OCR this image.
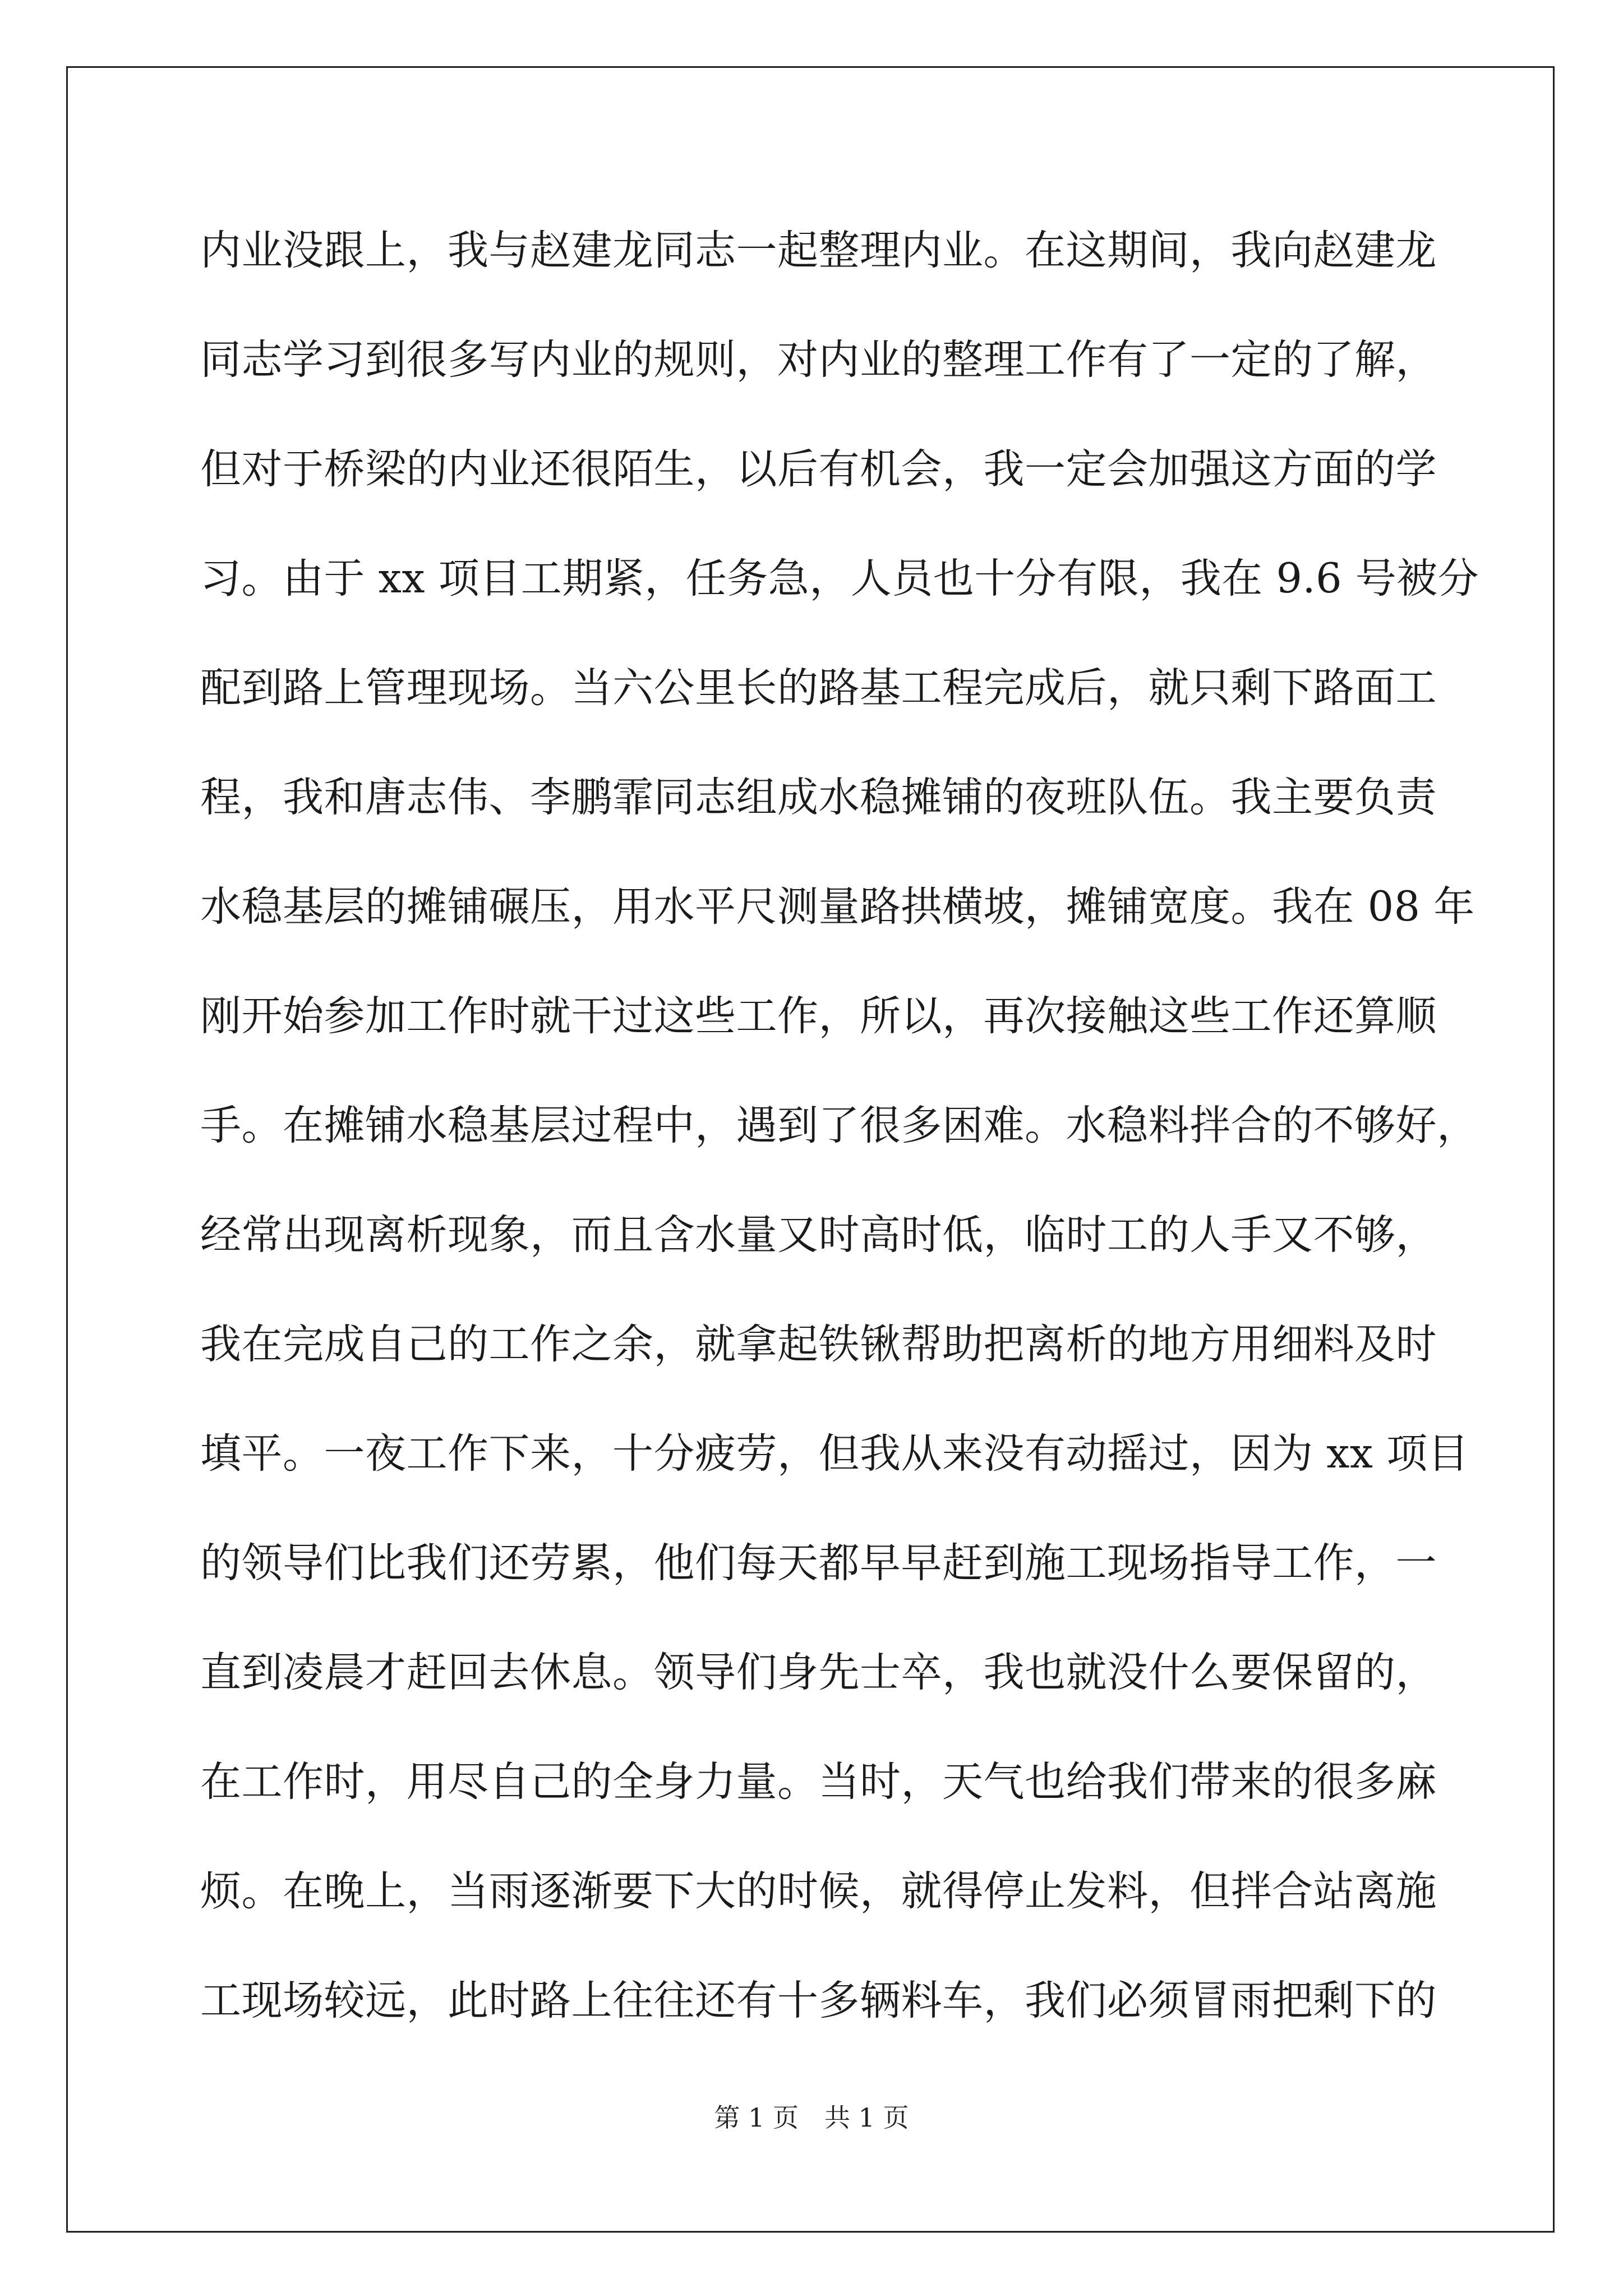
内业没跟上，我与赵建龙同志一起整理内业。在这期间，我向赵建龙
同志学习到很多写内业的规则，对内业的整理工作有了一定的了解，
但对于桥梁的内业还很陌生，以后有机会，我一定会加强这方面的学
习。由于 xx 项目工期紧，任务急，人员也十分有限，我在 9.6 号被分
配到路上管理现场。当六公里长的路基工程完成后，就只剩下路面工
程，我和唐志伟、李鹏霏同志组成水稳摊铺的夜班队伍。我主要负责
水稳基层的摊铺碾压，用水平尺测量路拱横坡，摊铺宽度。我在 08 年
刚开始参加工作时就干过这些工作，所以，再次接触这些工作还算顺
手。在摊铺水稳基层过程中，遇到了很多困难。水稳料拌合的不够好，
经常出现离析现象，而且含水量又时高时低，临时工的人手又不够，
我在完成自己的工作之余，就拿起铁锹帮助把离析的地方用细料及时
填平。一夜工作下来，十分疲劳，但我从来没有动摇过，因为 xx 项目
的领导们比我们还劳累，他们每天都早早赶到施工现场指导工作，一
直到凌晨才赶回去休息。领导们身先士卒，我也就没什么要保留的，
在工作时，用尽自己的全身力量。当时，天气也给我们带来的很多麻
烦。在晚上，当雨逐渐要下大的时候，就得停止发料，但拌合站离施
工现场较远，此时路上往往还有十多辆料车，我们必须冒雨把剩下的
第 1 页　共 1 页
